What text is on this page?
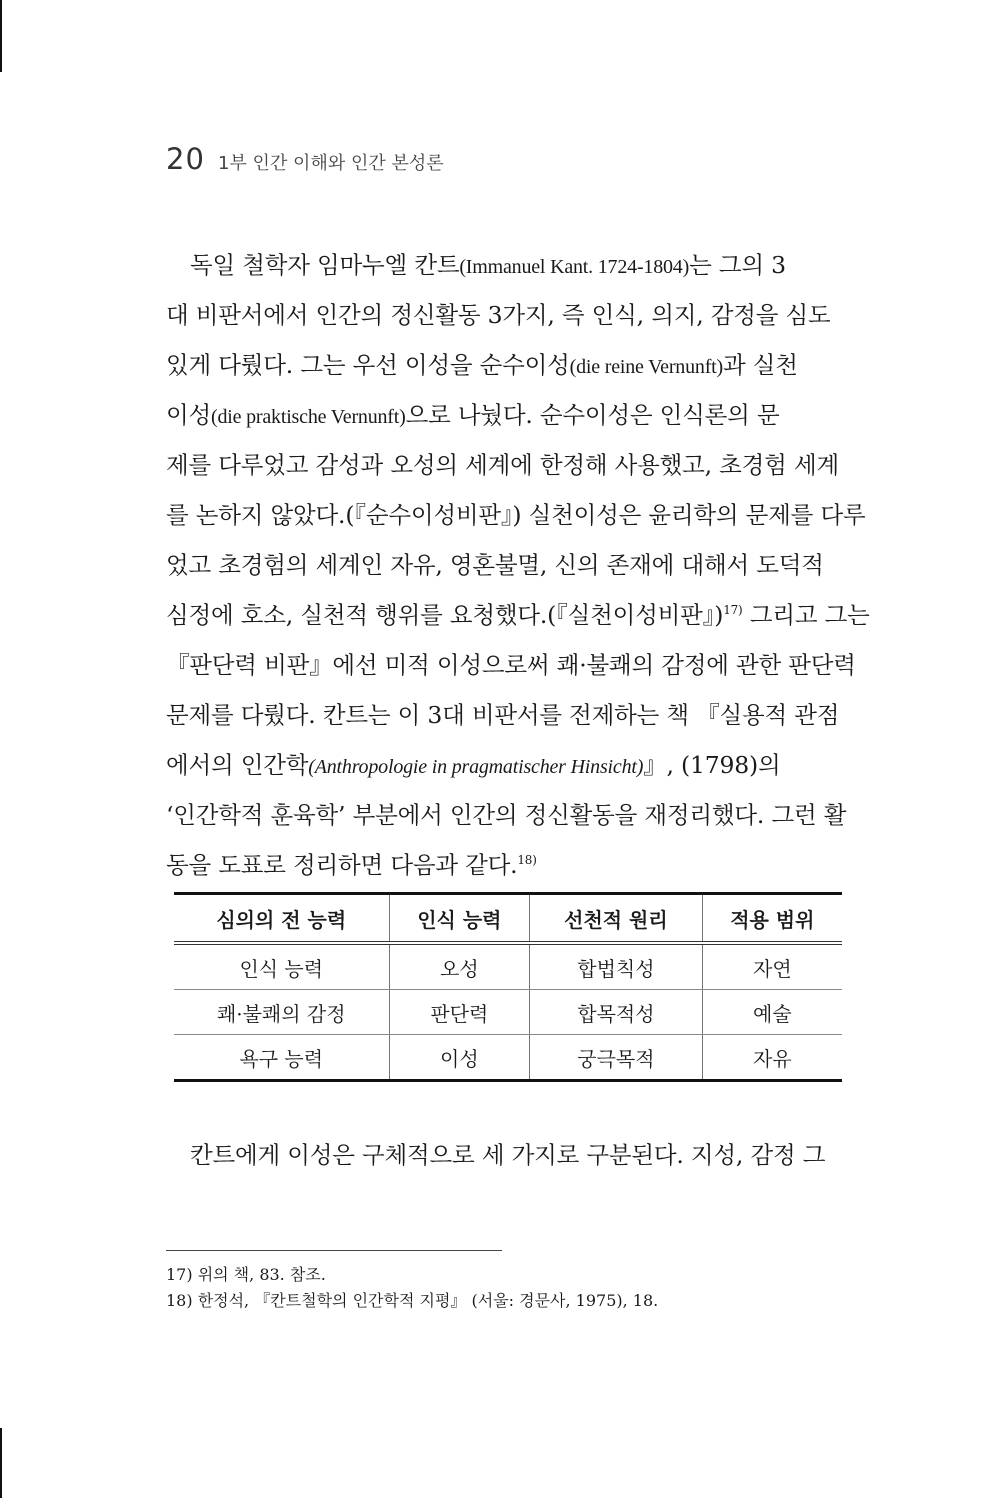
20 1부 인간 이해와 인간 본성론
독일 철학자 임마누엘 칸트(Immanuel Kant. 1724-1804)는 그의 3
대 비판서에서 인간의 정신활동 3가지, 즉 인식, 의지, 감정을 심도
있게 다뤘다. 그는 우선 이성을 순수이성(die reine Vernunft)과 실천
이성(die praktische Vernunft)으로 나눴다. 순수이성은 인식론의 문
제를 다루었고 감성과 오성의 세계에 한정해 사용했고, 초경험 세계
를 논하지 않았다.(『순수이성비판』) 실천이성은 윤리학의 문제를 다루
었고 초경험의 세계인 자유, 영혼불멸, 신의 존재에 대해서 도덕적
심정에 호소, 실천적 행위를 요청했다.(『실천이성비판』)$^{17)}$ 그리고 그는
『판단력 비판』에선 미적 이성으로써 쾌·불쾌의 감정에 관한 판단력
문제를 다뤘다. 칸트는 이 3대 비판서를 전제하는 책 『실용적 관점
에서의 인간학(Anthropologie in pragmatischer Hinsicht)』, (1798)의
‘인간학적 훈육학’ 부분에서 인간의 정신활동을 재정리했다. 그런 활
동을 도표로 정리하면 다음과 같다.$^{18)}$
심의의 전 능력	인식 능력	선천적 원리	적용 범위
인식 능력	오성	합법칙성	자연
쾌·불쾌의 감정	판단력	합목적성	예술
욕구 능력	이성	궁극목적	자유
칸트에게 이성은 구체적으로 세 가지로 구분된다. 지성, 감정 그
17) 위의 책, 83. 참조.
18) 한정석, 『칸트철학의 인간학적 지평』 (서울: 경문사, 1975), 18.
